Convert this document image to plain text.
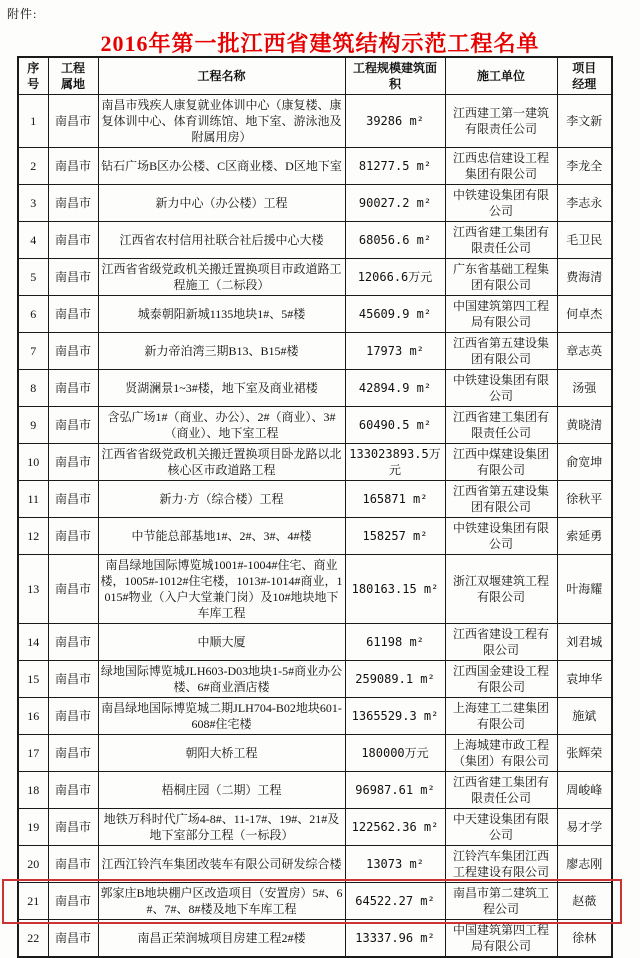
附件:
2016年第一批江西省建筑结构示范工程名单
序号	工程属地	工程名称	工程规模建筑面积	施工单位	项目经理
1	南昌市	南昌市残疾人康复就业体训中心（康复楼、康复体训中心、体育训练馆、地下室、游泳池及附属用房）	39286 m²	江西建工第一建筑有限责任公司	李文新
2	南昌市	钻石广场B区办公楼、C区商业楼、D区地下室	81277.5 m²	江西忠信建设工程集团有限公司	李龙全
3	南昌市	新力中心（办公楼）工程	90027.2 m²	中铁建设集团有限公司	李志永
4	南昌市	江西省农村信用社联合社后援中心大楼	68056.6 m²	江西省建工集团有限责任公司	毛卫民
5	南昌市	江西省省级党政机关搬迁置换项目市政道路工程施工（二标段）	12066.6万元	广东省基础工程集团有限公司	费海清
6	南昌市	城泰朝阳新城1135地块1#、5#楼	45609.9 m²	中国建筑第四工程局有限公司	何卓杰
7	南昌市	新力帝泊湾三期B13、B15#楼	17973 m²	江西省第五建设集团有限公司	章志英
8	南昌市	贤湖澜景1~3#楼，地下室及商业裙楼	42894.9 m²	中铁建设集团有限公司	汤强
9	南昌市	含弘广场1#（商业、办公）、2#（商业）、3#（商业）、地下室工程	60490.5 m²	江西省建工集团有限责任公司	黄晓清
10	南昌市	江西省省级党政机关搬迁置换项目卧龙路以北核心区市政道路工程	133023893.5万元	江西中煤建设集团有限公司	俞宽坤
11	南昌市	新力·方（综合楼）工程	165871 m²	江西省第五建设集团有限公司	徐秋平
12	南昌市	中节能总部基地1#、2#、3#、4#楼	158257 m²	中铁建设集团有限公司	索延勇
13	南昌市	南昌绿地国际博览城1001#-1004#住宅、商业楼，1005#-1012#住宅楼，1013#-1014#商业，1015#物业（入户大堂兼门岗）及10#地块地下车库工程	180163.15 m²	浙江双堰建筑工程有限公司	叶海耀
14	南昌市	中顺大厦	61198 m²	江西省建设工程有限公司	刘君城
15	南昌市	绿地国际博览城JLH603-D03地块1-5#商业办公楼、6#商业酒店楼	259089.1 m²	江西国金建设工程有限公司	袁坤华
16	南昌市	南昌绿地国际博览城二期JLH704-B02地块601-608#住宅楼	1365529.3 m²	上海建工二建集团有限公司	施斌
17	南昌市	朝阳大桥工程	180000万元	上海城建市政工程（集团）有限公司	张辉荣
18	南昌市	梧桐庄园（二期）工程	96987.61 m²	江西省建工集团有限责任公司	周峻峰
19	南昌市	地铁万科时代广场4-8#、11-17#、19#、21#及地下室部分工程（一标段）	122562.36 m²	中天建设集团有限公司	易才学
20	南昌市	江西江铃汽车集团改装车有限公司研发综合楼	13073 m²	江铃汽车集团江西工程建设有限公司	廖志刚
21	南昌市	郭家庄B地块棚户区改造项目（安置房）5#、6#、7#、8#楼及地下车库工程	64522.27 m²	南昌市第二建筑工程公司	赵薇
22	南昌市	南昌正荣润城项目房建工程2#楼	13337.96 m²	中国建筑第四工程局有限公司	徐林
